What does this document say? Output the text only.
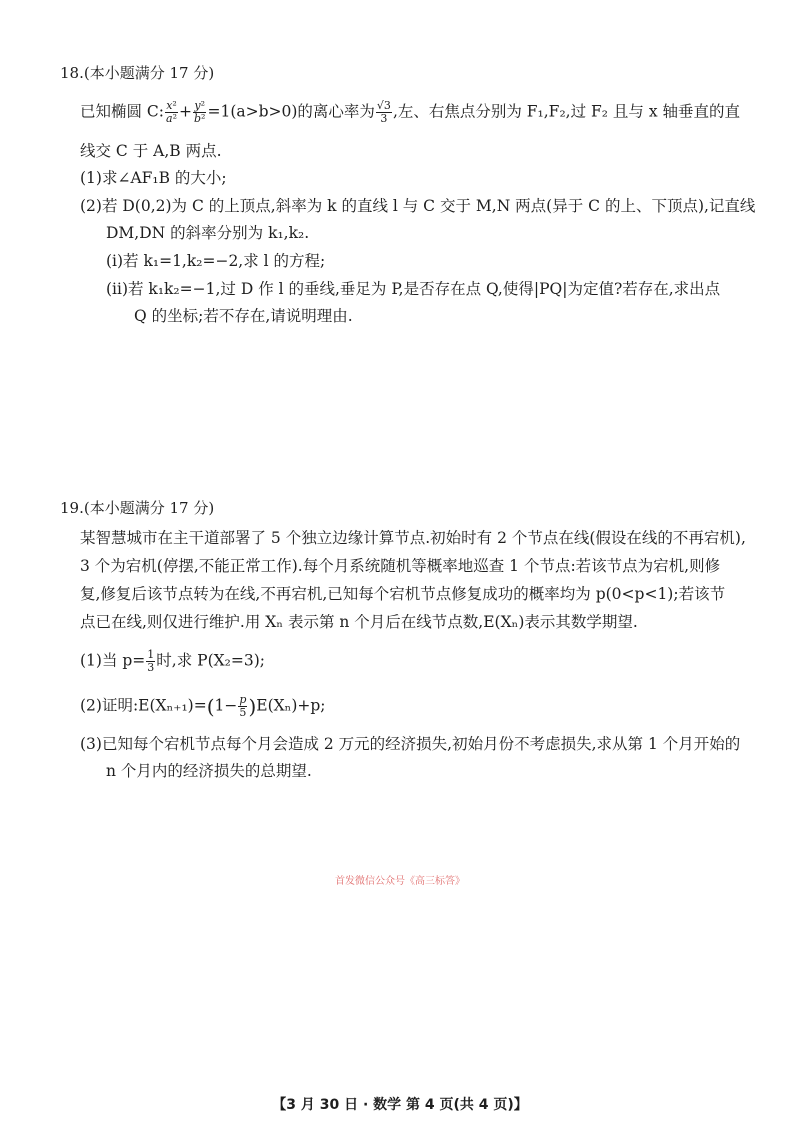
18.(本小题满分 17 分)
已知椭圆 C: $\frac{\text{x²}}{\text{a²}} + \frac{\text{y²}}{\text{b²}} =1(a>b>0)$的离心率为 $\frac{√3}{3}$ ,左、右焦点分别为 F₁,F₂,过 F₂ 且与 x 轴垂直的直
线交 C 于 A,B 两点.
(1)求∠AF₁B 的大小;
(2)若 D(0,2)为 C 的上顶点,斜率为 k 的直线 l 与 C 交于 M,N 两点(异于 C 的上、下顶点),记直线
DM,DN 的斜率分别为 k₁,k₂.
(ⅰ)若 k₁=1,k₂=−2,求 l 的方程;
(ⅱ)若 k₁k₂=−1,过 D 作 l 的垂线,垂足为 P,是否存在点 Q,使得|PQ|为定值?若存在,求出点
Q 的坐标;若不存在,请说明理由.
19.(本小题满分 17 分)
某智慧城市在主干道部署了 5 个独立边缘计算节点.初始时有 2 个节点在线(假设在线的不再宕机),
3 个为宕机(停摆,不能正常工作).每个月系统随机等概率地巡查 1 个节点:若该节点为宕机,则修
复,修复后该节点转为在线,不再宕机,已知每个宕机节点修复成功的概率均为 p(0<p<1);若该节
点已在线,则仅进行维护.用 Xₙ 表示第 n 个月后在线节点数,E(Xₙ)表示其数学期望.
(1)当 $p= \frac{1}{3}$ 时,求 P(X₂=3);
(2)证明:E(Xₙ₊₁)=(1− $\frac{p}{5} )E(X_n)+p$;
(3)已知每个宕机节点每个月会造成 2 万元的经济损失,初始月份不考虑损失,求从第 1 个月开始的
n 个月内的经济损失的总期望.
首发微信公众号《高三标答》
【3 月 30 日 · 数学 第 4 页(共 4 页)】
